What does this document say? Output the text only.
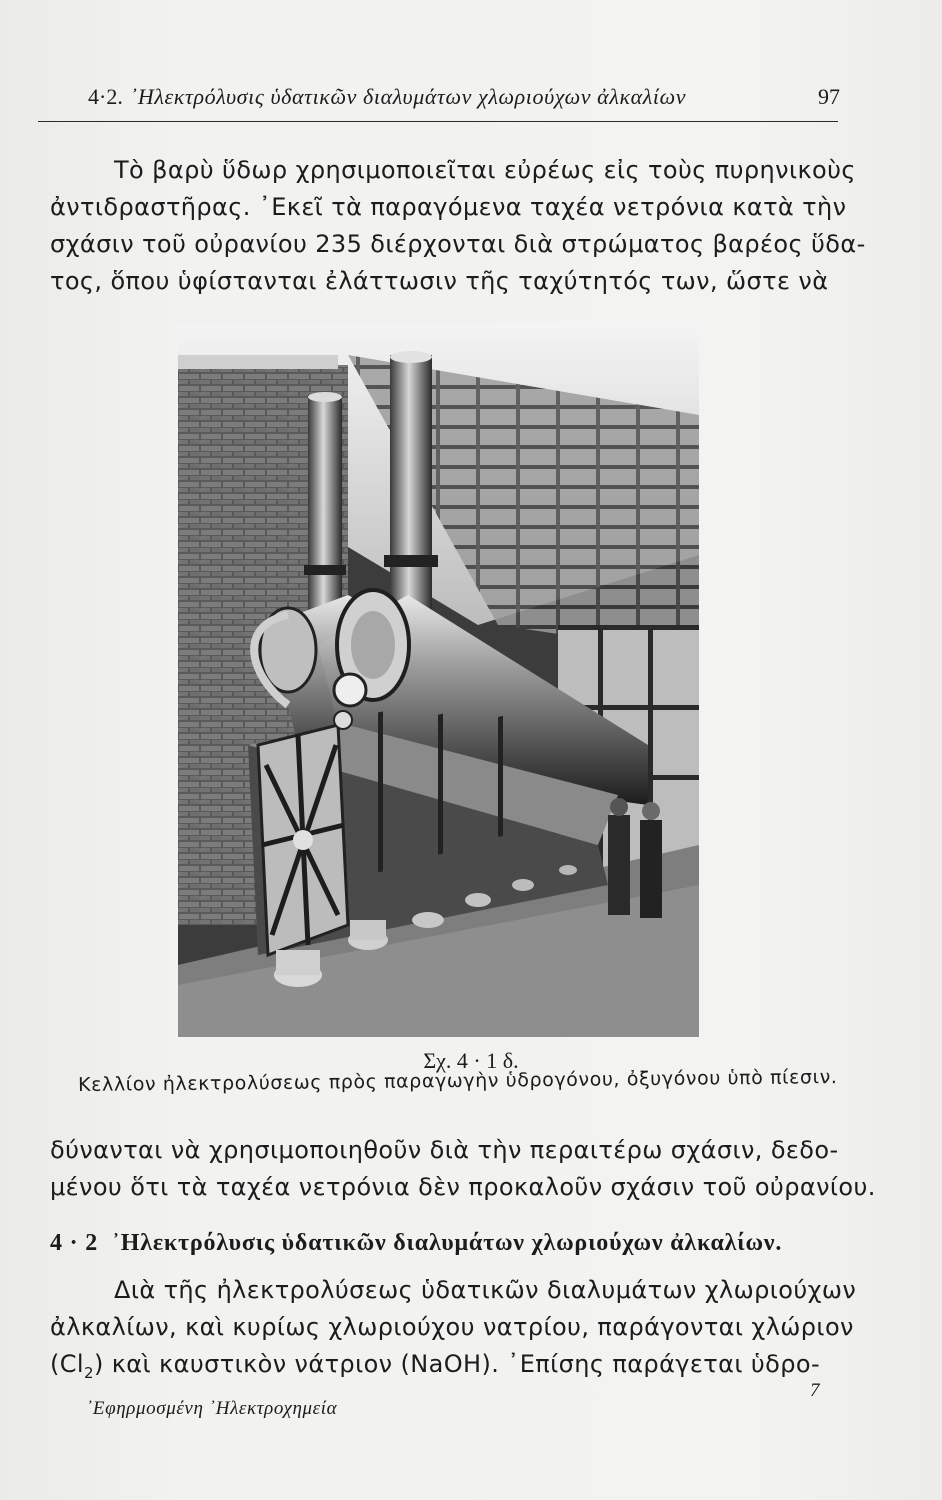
4·2. ᾿Ηλεκτρόλυσις ὑδατικῶν διαλυμάτων χλωριούχων ἀλκαλίων	97
Τὸ βαρὺ ὕδωρ χρησιμοποιεῖται εὐρέως εἰς τοὺς πυρηνικοὺς
ἀντιδραστῆρας. ᾿Εκεῖ τὰ παραγόμενα ταχέα νετρόνια κατὰ τὴν
σχάσιν τοῦ οὐρανίου 235 διέρχονται διὰ στρώματος βαρέος ὕδα-
τος, ὅπου ὑφίστανται ἐλάττωσιν τῆς ταχύτητός των, ὥστε νὰ
Σχ. 4 · 1 δ.
Κελλίον ἠλεκτρολύσεως πρὸς παραγωγὴν ὑδρογόνου, ὀξυγόνου ὑπὸ πίεσιν.
δύνανται νὰ χρησιμοποιηθοῦν διὰ τὴν περαιτέρω σχάσιν, δεδο-
μένου ὅτι τὰ ταχέα νετρόνια δὲν προκαλοῦν σχάσιν τοῦ οὐρανίου.
4 · 2 ᾿Ηλεκτρόλυσις ὑδατικῶν διαλυμάτων χλωριούχων ἀλκαλίων.
Διὰ τῆς ἠλεκτρολύσεως ὑδατικῶν διαλυμάτων χλωριούχων
ἀλκαλίων, καὶ κυρίως χλωριούχου νατρίου, παράγονται χλώριον
$(Cl_2)$ καὶ καυστικὸν νάτριον (NaOH). ᾿Επίσης παράγεται ὑδρο-
᾿Εφηρμοσμένη ᾿Ηλεκτροχημεία
7
